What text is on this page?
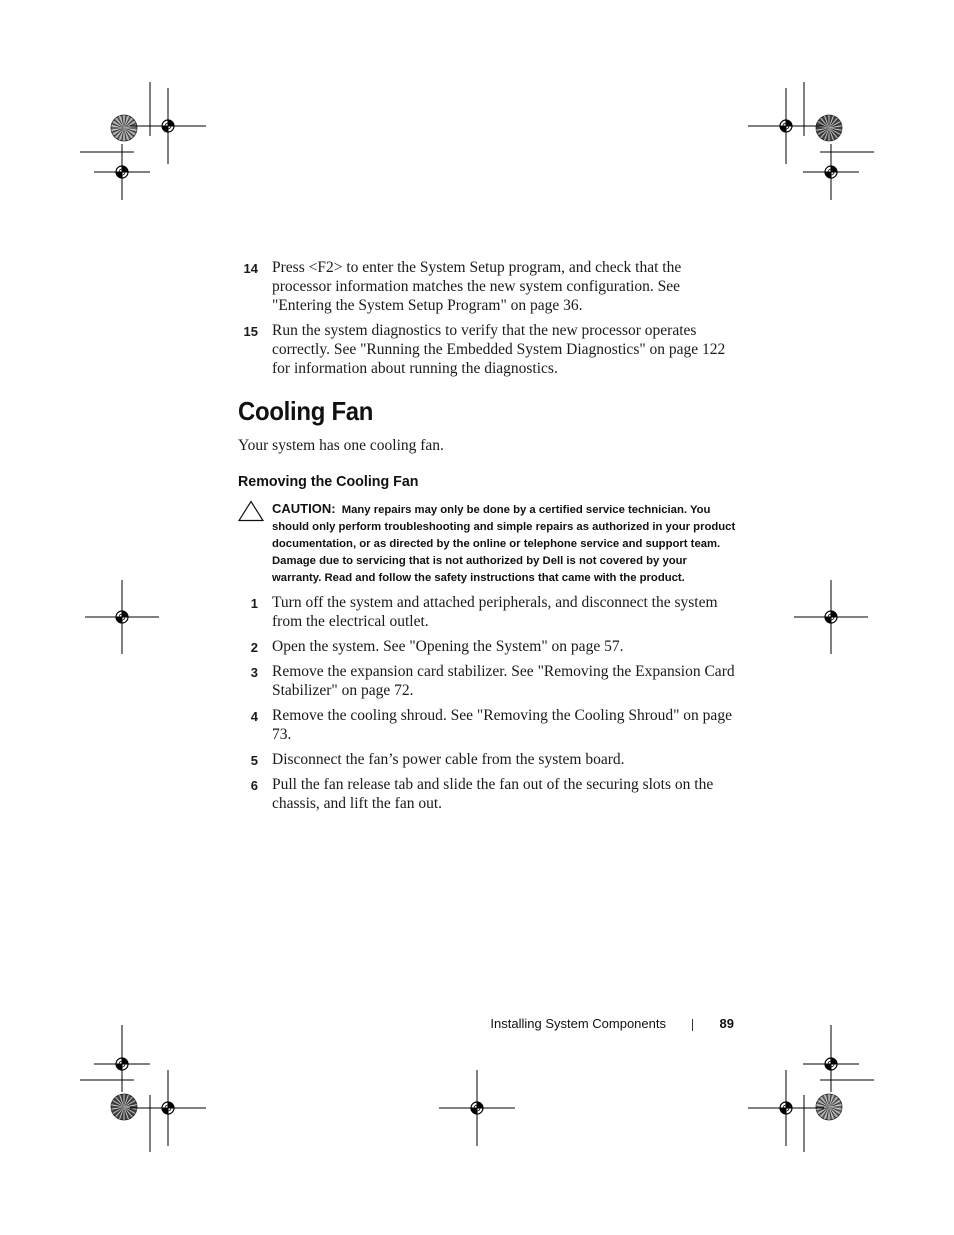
14 Press <F2> to enter the System Setup program, and check that the processor information matches the new system configuration. See "Entering the System Setup Program" on page 36.
15 Run the system diagnostics to verify that the new processor operates correctly. See "Running the Embedded System Diagnostics" on page 122 for information about running the diagnostics.
Cooling Fan
Your system has one cooling fan.
Removing the Cooling Fan
CAUTION: Many repairs may only be done by a certified service technician. You should only perform troubleshooting and simple repairs as authorized in your product documentation, or as directed by the online or telephone service and support team. Damage due to servicing that is not authorized by Dell is not covered by your warranty. Read and follow the safety instructions that came with the product.
1 Turn off the system and attached peripherals, and disconnect the system from the electrical outlet.
2 Open the system. See "Opening the System" on page 57.
3 Remove the expansion card stabilizer. See "Removing the Expansion Card Stabilizer" on page 72.
4 Remove the cooling shroud. See "Removing the Cooling Shroud" on page 73.
5 Disconnect the fan’s power cable from the system board.
6 Pull the fan release tab and slide the fan out of the securing slots on the chassis, and lift the fan out.
Installing System Components	89
